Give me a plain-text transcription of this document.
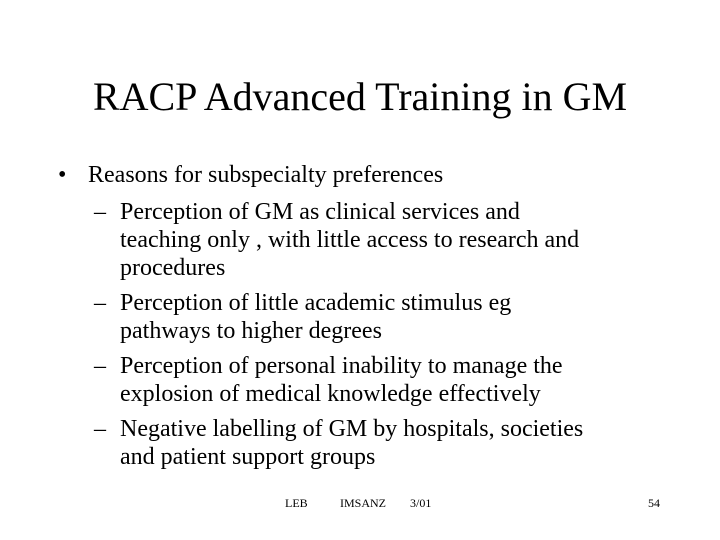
RACP Advanced Training in GM
• Reasons for subspecialty preferences
– Perception of GM as clinical services and
teaching only , with little access to research and
procedures
– Perception of little academic stimulus eg
pathways to higher degrees
– Perception of personal inability to manage the
explosion of medical knowledge effectively
– Negative labelling of GM by hospitals, societies
and patient support groups
LEB	IMSANZ 3/01	54
